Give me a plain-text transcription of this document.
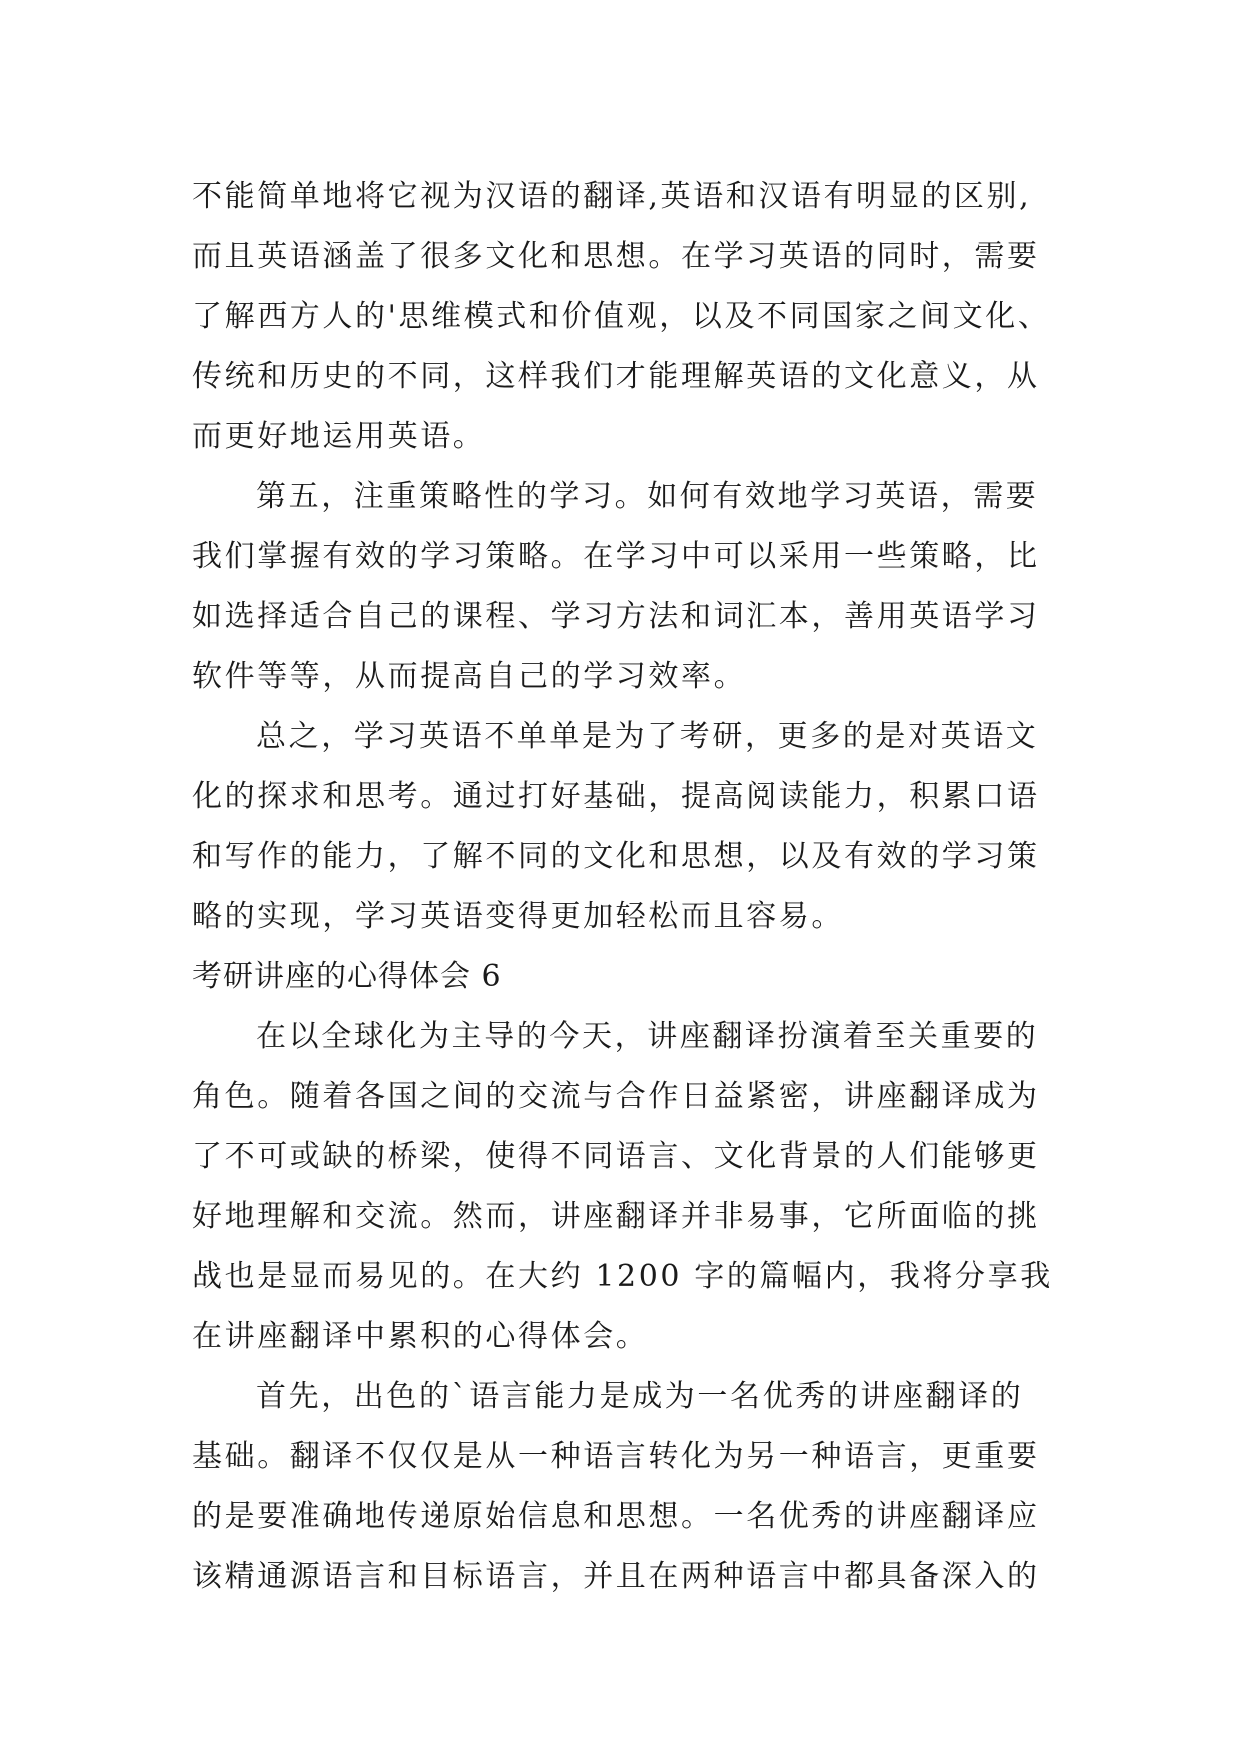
不能简单地将它视为汉语的翻译,英语和汉语有明显的区别,
而且英语涵盖了很多文化和思想。在学习英语的同时，需要
了解西方人的'思维模式和价值观，以及不同国家之间文化、
传统和历史的不同，这样我们才能理解英语的文化意义，从
而更好地运用英语。
第五，注重策略性的学习。如何有效地学习英语，需要
我们掌握有效的学习策略。在学习中可以采用一些策略，比
如选择适合自己的课程、学习方法和词汇本，善用英语学习
软件等等，从而提高自己的学习效率。
总之，学习英语不单单是为了考研，更多的是对英语文
化的探求和思考。通过打好基础，提高阅读能力，积累口语
和写作的能力，了解不同的文化和思想，以及有效的学习策
略的实现，学习英语变得更加轻松而且容易。
考研讲座的心得体会 6
在以全球化为主导的今天，讲座翻译扮演着至关重要的
角色。随着各国之间的交流与合作日益紧密，讲座翻译成为
了不可或缺的桥梁，使得不同语言、文化背景的人们能够更
好地理解和交流。然而，讲座翻译并非易事，它所面临的挑
战也是显而易见的。在大约 1200 字的篇幅内，我将分享我
在讲座翻译中累积的心得体会。
首先，出色的`语言能力是成为一名优秀的讲座翻译的
基础。翻译不仅仅是从一种语言转化为另一种语言，更重要
的是要准确地传递原始信息和思想。一名优秀的讲座翻译应
该精通源语言和目标语言，并且在两种语言中都具备深入的
